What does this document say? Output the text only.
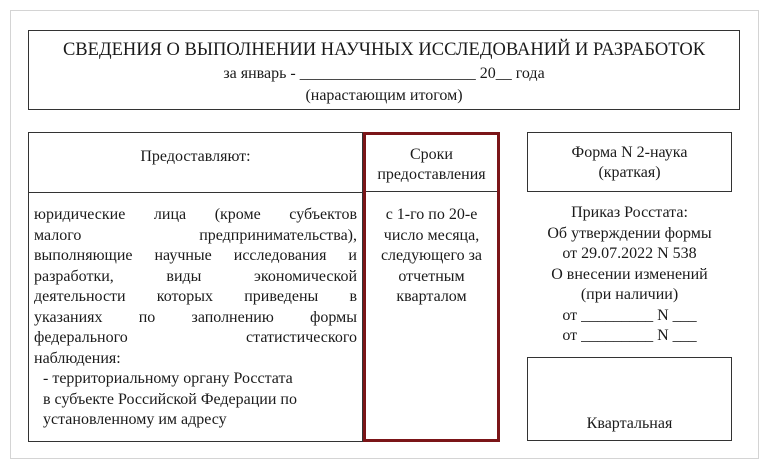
СВЕДЕНИЯ О ВЫПОЛНЕНИИ НАУЧНЫХ ИССЛЕДОВАНИЙ И РАЗРАБОТОК
за январь - ______________________ 20__ года
(нарастающим итогом)
Предоставляют:
юридические лица (кроме субъектов
малого предпринимательства),
выполняющие научные исследования и
разработки, виды экономической
деятельности которых приведены в
указаниях по заполнению формы
федерального статистического
наблюдения:
- территориальному органу Росстата
в субъекте Российской Федерации по
установленному им адресу
Сроки
предоставления
с 1-го по 20-е
число месяца,
следующего за
отчетным
кварталом
Форма N 2-наука
(краткая)
Приказ Росстата:
Об утверждении формы
от 29.07.2022 N 538
О внесении изменений
(при наличии)
от _________ N ___
от _________ N ___
Квартальная
